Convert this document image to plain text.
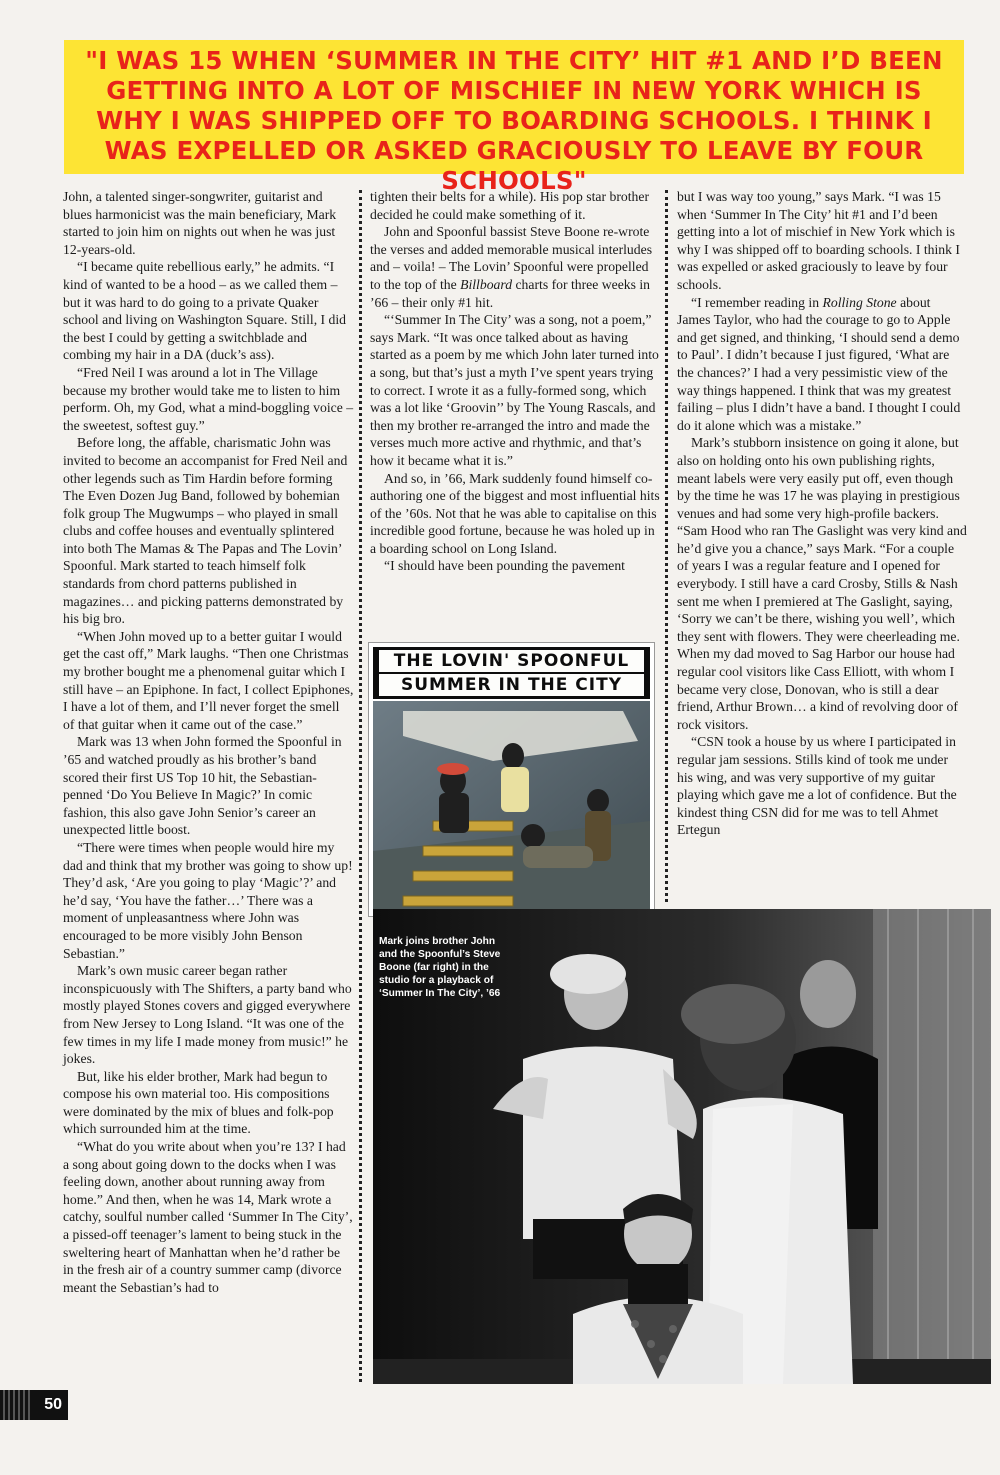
"I WAS 15 WHEN ‘SUMMER IN THE CITY’ HIT #1 AND I’D BEEN GETTING INTO A LOT OF MISCHIEF IN NEW YORK WHICH IS WHY I WAS SHIPPED OFF TO BOARDING SCHOOLS. I THINK I WAS EXPELLED OR ASKED GRACIOUSLY TO LEAVE BY FOUR SCHOOLS"

John, a talented singer-songwriter, guitarist and blues harmonicist was the main beneficiary, Mark started to join him on nights out when he was just 12-years-old.

“I became quite rebellious early,” he admits. “I kind of wanted to be a hood – as we called them – but it was hard to do going to a private Quaker school and living on Washington Square. Still, I did the best I could by getting a switchblade and combing my hair in a DA (duck’s ass).

“Fred Neil I was around a lot in The Village because my brother would take me to listen to him perform. Oh, my God, what a mind-boggling voice – the sweetest, softest guy.”

Before long, the affable, charismatic John was invited to become an accompanist for Fred Neil and other legends such as Tim Hardin before forming The Even Dozen Jug Band, followed by bohemian folk group The Mugwumps – who played in small clubs and coffee houses and eventually splintered into both The Mamas & The Papas and The Lovin’ Spoonful. Mark started to teach himself folk standards from chord patterns published in magazines… and picking patterns demonstrated by his big bro.

“When John moved up to a better guitar I would get the cast off,” Mark laughs. “Then one Christmas my brother bought me a phenomenal guitar which I still have – an Epiphone. In fact, I collect Epiphones, I have a lot of them, and I’ll never forget the smell of that guitar when it came out of the case.”

Mark was 13 when John formed the Spoonful in ’65 and watched proudly as his brother’s band scored their first US Top 10 hit, the Sebastian-penned ‘Do You Believe In Magic?’ In comic fashion, this also gave John Senior’s career an unexpected little boost.

“There were times when people would hire my dad and think that my brother was going to show up! They’d ask, ‘Are you going to play ‘Magic’?’ and he’d say, ‘You have the father…’ There was a moment of unpleasantness where John was encouraged to be more visibly John Benson Sebastian.”

Mark’s own music career began rather inconspicuously with The Shifters, a party band who mostly played Stones covers and gigged everywhere from New Jersey to Long Island. “It was one of the few times in my life I made money from music!” he jokes.

But, like his elder brother, Mark had begun to compose his own material too. His compositions were dominated by the mix of blues and folk-pop which surrounded him at the time.

“What do you write about when you’re 13? I had a song about going down to the docks when I was feeling down, another about running away from home.” And then, when he was 14, Mark wrote a catchy, soulful number called ‘Summer In The City’, a pissed-off teenager’s lament to being stuck in the sweltering heart of Manhattan when he’d rather be in the fresh air of a country summer camp (divorce meant the Sebastian’s had to

tighten their belts for a while). His pop star brother decided he could make something of it.

John and Spoonful bassist Steve Boone re-wrote the verses and added memorable musical interludes and – voila! – The Lovin’ Spoonful were propelled to the top of the Billboard charts for three weeks in ’66 – their only #1 hit.

“‘Summer In The City’ was a song, not a poem,” says Mark. “It was once talked about as having started as a poem by me which John later turned into a song, but that’s just a myth I’ve spent years trying to correct. I wrote it as a fully-formed song, which was a lot like ‘Groovin’’ by The Young Rascals, and then my brother re-arranged the intro and made the verses much more active and rhythmic, and that’s how it became what it is.”

And so, in ’66, Mark suddenly found himself co-authoring one of the biggest and most influential hits of the ’60s. Not that he was able to capitalise on this incredible good fortune, because he was holed up in a boarding school on Long Island.

“I should have been pounding the pavement

but I was way too young,” says Mark. “I was 15 when ‘Summer In The City’ hit #1 and I’d been getting into a lot of mischief in New York which is why I was shipped off to boarding schools. I think I was expelled or asked graciously to leave by four schools.

“I remember reading in Rolling Stone about James Taylor, who had the courage to go to Apple and get signed, and thinking, ‘I should send a demo to Paul’. I didn’t because I just figured, ‘What are the chances?’ I had a very pessimistic view of the way things happened. I think that was my greatest failing – plus I didn’t have a band. I thought I could do it alone which was a mistake.”

Mark’s stubborn insistence on going it alone, but also on holding onto his own publishing rights, meant labels were very easily put off, even though by the time he was 17 he was playing in prestigious venues and had some very high-profile backers. “Sam Hood who ran The Gaslight was very kind and he’d give you a chance,” says Mark. “For a couple of years I was a regular feature and I opened for everybody. I still have a card Crosby, Stills & Nash sent me when I premiered at The Gaslight, saying, ‘Sorry we can’t be there, wishing you well’, which they sent with flowers. They were cheerleading me. When my dad moved to Sag Harbor our house had regular cool visitors like Cass Elliott, with whom I became very close, Donovan, who is still a dear friend, Arthur Brown… a kind of revolving door of rock visitors.

“CSN took a house by us where I participated in regular jam sessions. Stills kind of took me under his wing, and was very supportive of my guitar playing which gave me a lot of confidence. But the kindest thing CSN did for me was to tell Ahmet Ertegun

THE LOVIN' SPOONFUL
SUMMER IN THE CITY
Mark joins brother John and the Spoonful’s Steve Boone (far right) in the studio for a playback of ‘Summer In The City’, ’66
50
